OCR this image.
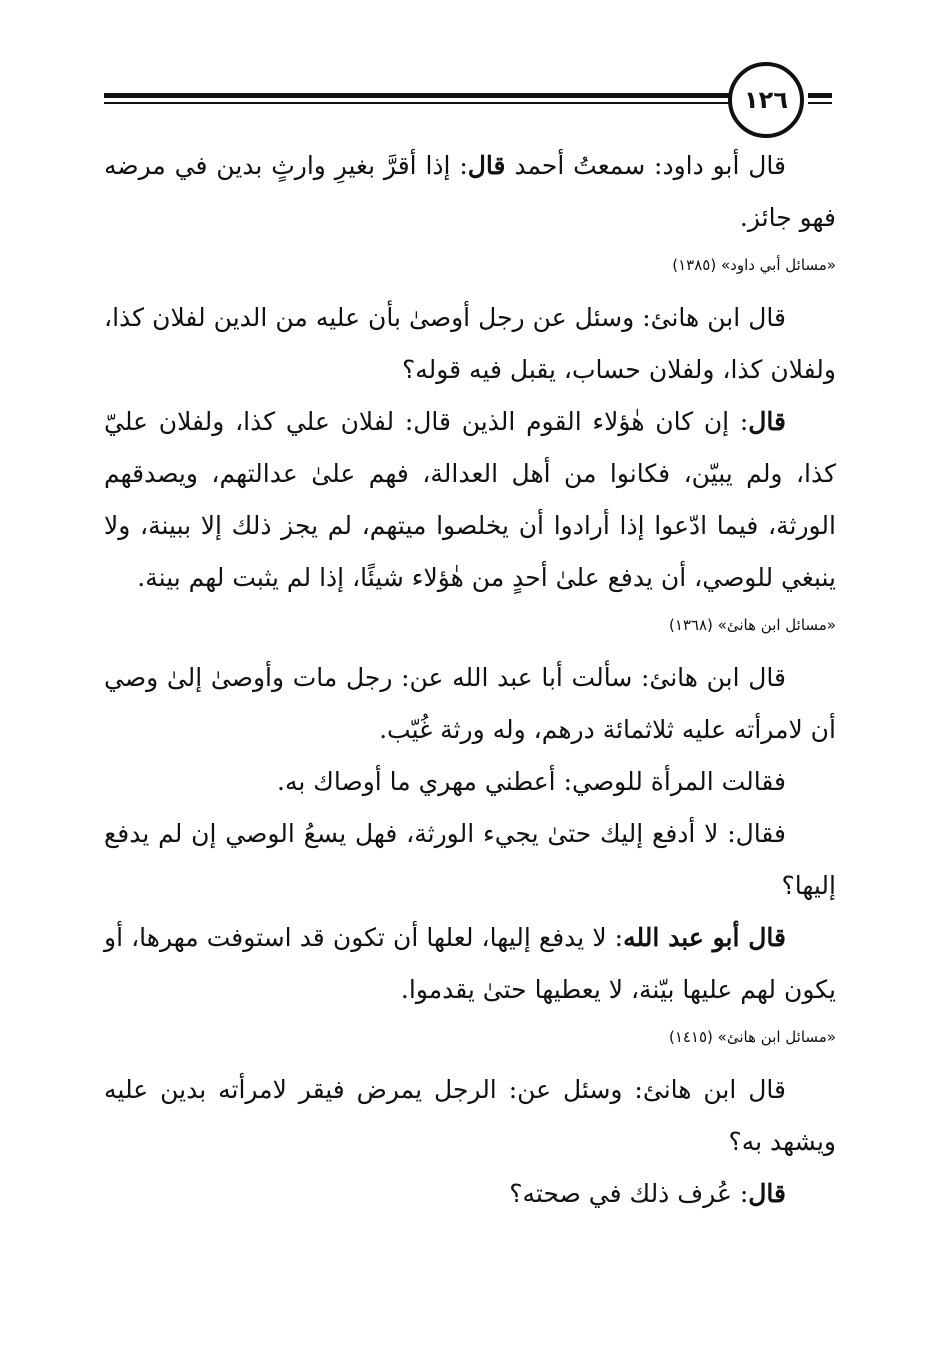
١٢٦

قال أبو داود: سمعتُ أحمد قال: إذا أقرَّ بغيرِ وارثٍ بدين في مرضه فهو جائز.

«مسائل أبي داود» (١٣٨٥)

قال ابن هانئ: وسئل عن رجل أوصىٰ بأن عليه من الدين لفلان كذا، ولفلان كذا، ولفلان حساب، يقبل فيه قوله؟

قال: إن كان هٰؤلاء القوم الذين قال: لفلان علي كذا، ولفلان عليّ كذا، ولم يبيّن، فكانوا من أهل العدالة، فهم علىٰ عدالتهم، ويصدقهم الورثة، فيما ادّعوا إذا أرادوا أن يخلصوا ميتهم، لم يجز ذلك إلا ببينة، ولا ينبغي للوصي، أن يدفع علىٰ أحدٍ من هٰؤلاء شيئًا، إذا لم يثبت لهم بينة.

«مسائل ابن هانئ» (١٣٦٨)

قال ابن هانئ: سألت أبا عبد الله عن: رجل مات وأوصىٰ إلىٰ وصي أن لامرأته عليه ثلاثمائة درهم، وله ورثة غُيّب.

فقالت المرأة للوصي: أعطني مهري ما أوصاك به.

فقال: لا أدفع إليك حتىٰ يجيء الورثة، فهل يسعُ الوصي إن لم يدفع إليها؟

قال أبو عبد الله: لا يدفع إليها، لعلها أن تكون قد استوفت مهرها، أو يكون لهم عليها بيّنة، لا يعطيها حتىٰ يقدموا.

«مسائل ابن هانئ» (١٤١٥)

قال ابن هانئ: وسئل عن: الرجل يمرض فيقر لامرأته بدين عليه ويشهد به؟

قال: عُرف ذلك في صحته؟
